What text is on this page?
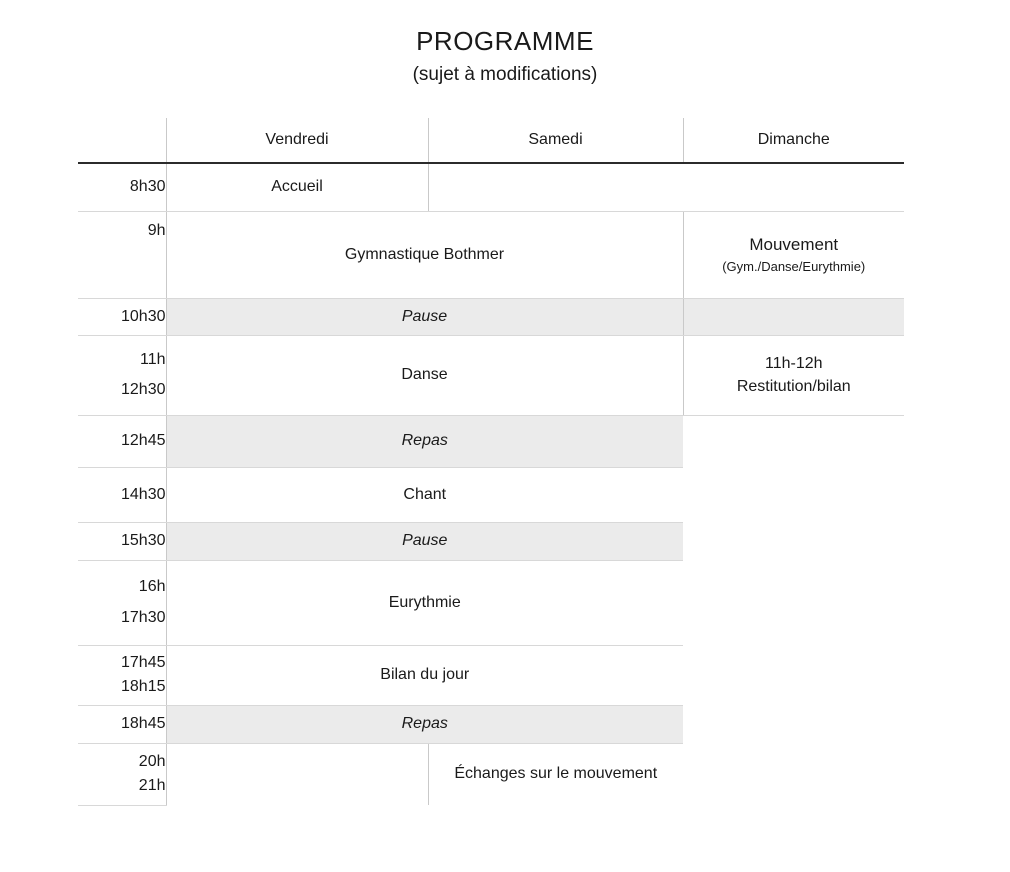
PROGRAMME
(sujet à modifications)
	Vendredi	Samedi	Dimanche
8h30	Accueil		
9h	Gymnastique Bothmer		Mouvement
(Gym./Danse/Eurythmie)

10h30	Pause		

11h
12h30	Danse		11h-12h
Restitution/bilan

12h45	Repas		
14h30	Chant		
15h30	Pause		

16h
17h30	Eurythmie		

17h45
18h15	Bilan du jour		
18h45	Repas		

20h
21h		Échanges sur le mouvement	
